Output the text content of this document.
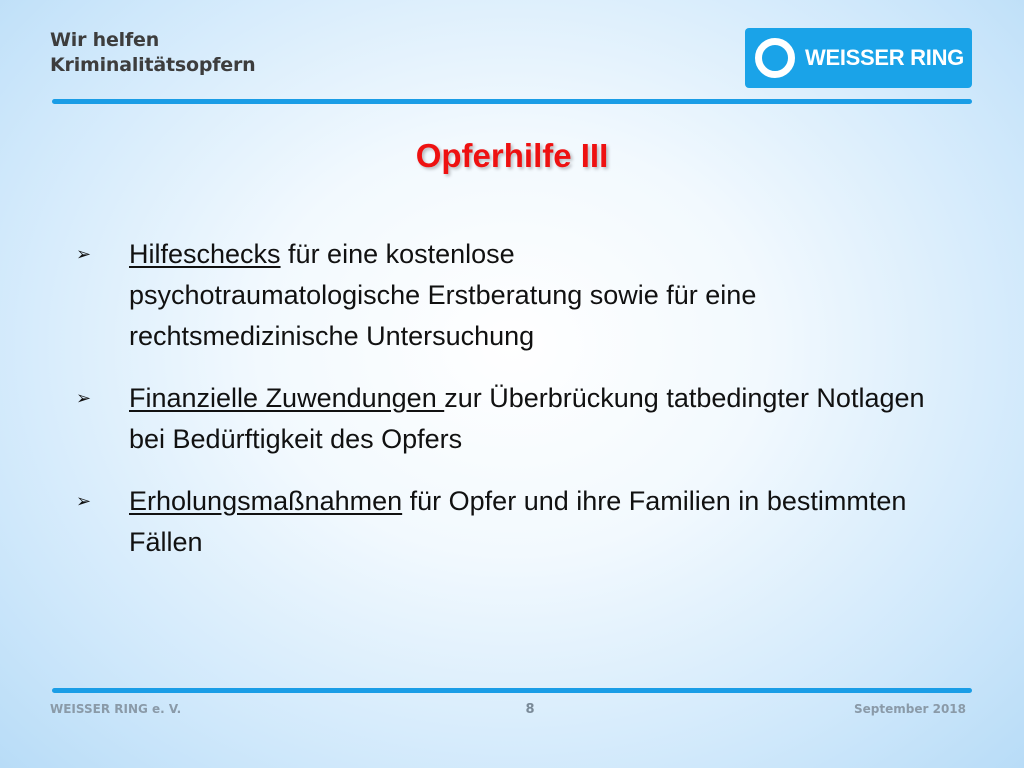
Wir helfen
Kriminalitätsopfern	WEISSER RING
Opferhilfe III
➢ Hilfeschecks für eine kostenlose
psychotraumatologische Erstberatung sowie für eine rechtsmedizinische Untersuchung
➢ Finanzielle Zuwendungen zur Überbrückung tatbedingter Notlagen bei Bedürftigkeit des Opfers
➢ Erholungsmaßnahmen für Opfer und ihre Familien in bestimmten Fällen
WEISSER RING e. V.	8	September 2018
